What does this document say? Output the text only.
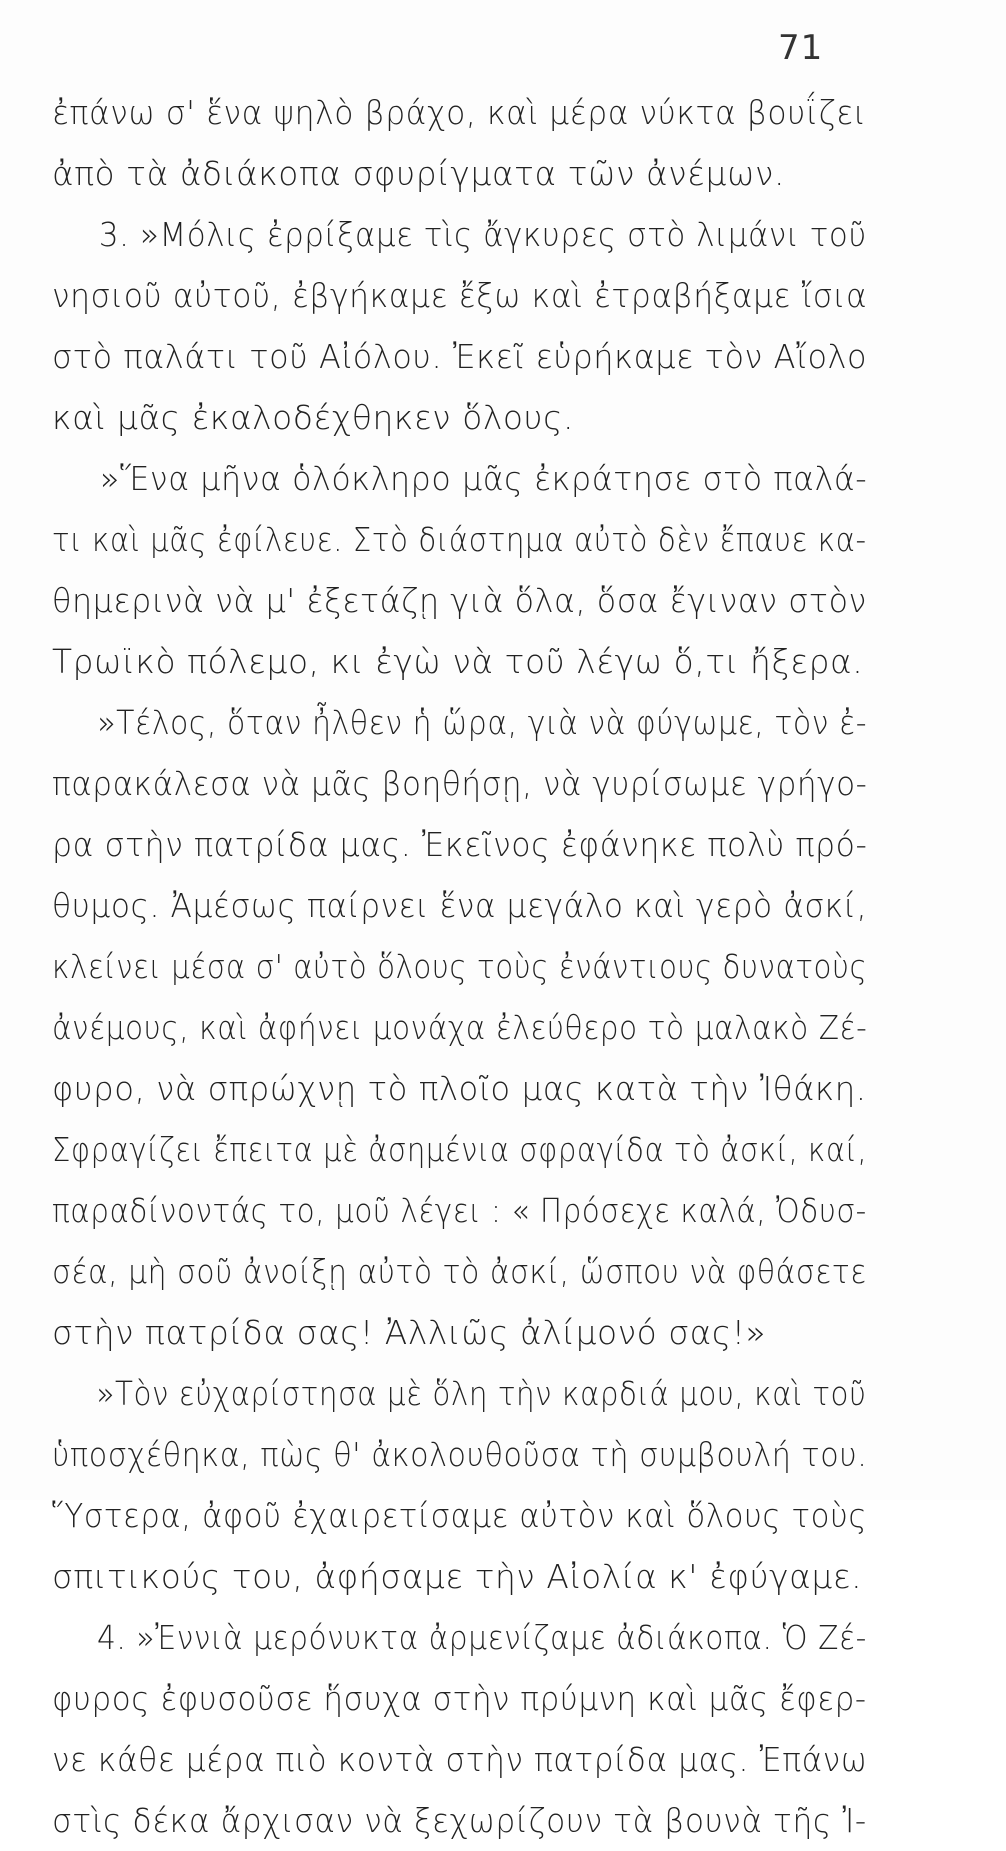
71
ἐπάνω σ' ἕνα ψηλὸ βράχο, καὶ μέρα νύκτα βουΐζει
ἀπὸ τὰ ἀδιάκοπα σφυρίγματα τῶν ἀνέμων.
3. »Μόλις ἐρρίξαμε τὶς ἄγκυρες στὸ λιμάνι τοῦ
νησιοῦ αὐτοῦ, ἐβγήκαμε ἔξω καὶ ἐτραβήξαμε ἴσια
στὸ παλάτι τοῦ Αἰόλου. Ἐκεῖ εὑρήκαμε τὸν Αἴολο
καὶ μᾶς ἐκαλοδέχθηκεν ὅλους.
»Ἕνα μῆνα ὁλόκληρο μᾶς ἐκράτησε στὸ παλά-
τι καὶ μᾶς ἐφίλευε. Στὸ διάστημα αὐτὸ δὲν ἔπαυε κα-
θημερινὰ νὰ μ' ἐξετάζῃ γιὰ ὅλα, ὅσα ἔγιναν στὸν
Τρωϊκὸ πόλεμο, κι ἐγὼ νὰ τοῦ λέγω ὅ,τι ἤξερα.
»Τέλος, ὅταν ἦλθεν ἡ ὥρα, γιὰ νὰ φύγωμε, τὸν ἐ-
παρακάλεσα νὰ μᾶς βοηθήσῃ, νὰ γυρίσωμε γρήγο-
ρα στὴν πατρίδα μας. Ἐκεῖνος ἐφάνηκε πολὺ πρό-
θυμος. Ἀμέσως παίρνει ἕνα μεγάλο καὶ γερὸ ἀσκί,
κλείνει μέσα σ' αὐτὸ ὅλους τοὺς ἐνάντιους δυνατοὺς
ἀνέμους, καὶ ἀφήνει μονάχα ἐλεύθερο τὸ μαλακὸ Ζέ-
φυρο, νὰ σπρώχνῃ τὸ πλοῖο μας κατὰ τὴν Ἰθάκη.
Σφραγίζει ἔπειτα μὲ ἀσημένια σφραγίδα τὸ ἀσκί, καί,
παραδίνοντάς το, μοῦ λέγει : « Πρόσεχε καλά, Ὀδυσ-
σέα, μὴ σοῦ ἀνοίξῃ αὐτὸ τὸ ἀσκί, ὥσπου νὰ φθάσετε
στὴν πατρίδα σας! Ἀλλιῶς ἀλίμονό σας!»
»Τὸν εὐχαρίστησα μὲ ὅλη τὴν καρδιά μου, καὶ τοῦ
ὑποσχέθηκα, πὼς θ' ἀκολουθοῦσα τὴ συμβουλή του.
Ὕστερα, ἀφοῦ ἐχαιρετίσαμε αὐτὸν καὶ ὅλους τοὺς
σπιτικούς του, ἀφήσαμε τὴν Αἰολία κ' ἐφύγαμε.
4. »Ἐννιὰ μερόνυκτα ἀρμενίζαμε ἀδιάκοπα. Ὁ Ζέ-
φυρος ἐφυσοῦσε ἥσυχα στὴν πρύμνη καὶ μᾶς ἔφερ-
νε κάθε μέρα πιὸ κοντὰ στὴν πατρίδα μας. Ἐπάνω
στὶς δέκα ἄρχισαν νὰ ξεχωρίζουν τὰ βουνὰ τῆς Ἰ-
